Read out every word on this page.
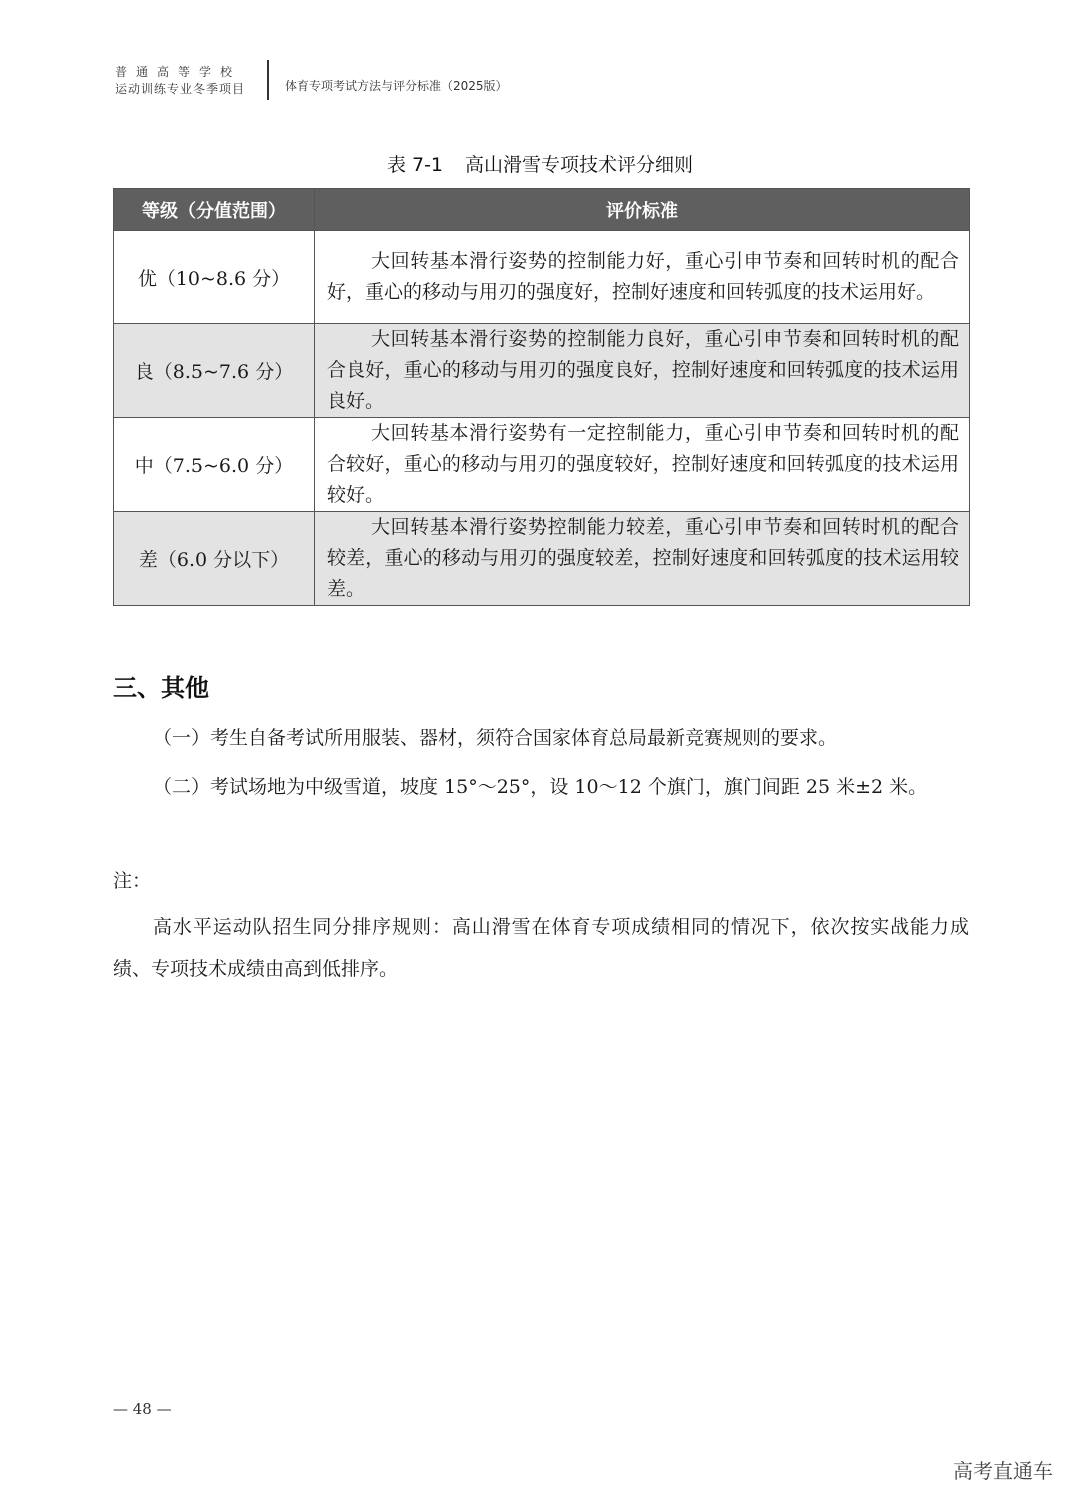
普通高等学校
运动训练专业冬季项目	体育专项考试方法与评分标准（2025版）
表 7-1 高山滑雪专项技术评分细则
等级（分值范围）	评价标准
优（10~8.6 分）	大回转基本滑行姿势的控制能力好，重心引申节奏和回转时机的配合好，重心的移动与用刃的强度好，控制好速度和回转弧度的技术运用好。
良（8.5~7.6 分）	大回转基本滑行姿势的控制能力良好，重心引申节奏和回转时机的配合良好，重心的移动与用刃的强度良好，控制好速度和回转弧度的技术运用良好。
中（7.5~6.0 分）	大回转基本滑行姿势有一定控制能力，重心引申节奏和回转时机的配合较好，重心的移动与用刃的强度较好，控制好速度和回转弧度的技术运用较好。
差（6.0 分以下）	大回转基本滑行姿势控制能力较差，重心引申节奏和回转时机的配合较差，重心的移动与用刃的强度较差，控制好速度和回转弧度的技术运用较差。
三、其他
（一）考生自备考试所用服装、器材，须符合国家体育总局最新竞赛规则的要求。
（二）考试场地为中级雪道，坡度 15°～25°，设 10～12 个旗门，旗门间距 25 米±2 米。
注：
高水平运动队招生同分排序规则：高山滑雪在体育专项成绩相同的情况下，依次按实战能力成绩、专项技术成绩由高到低排序。
— 48 —
高考直通车
